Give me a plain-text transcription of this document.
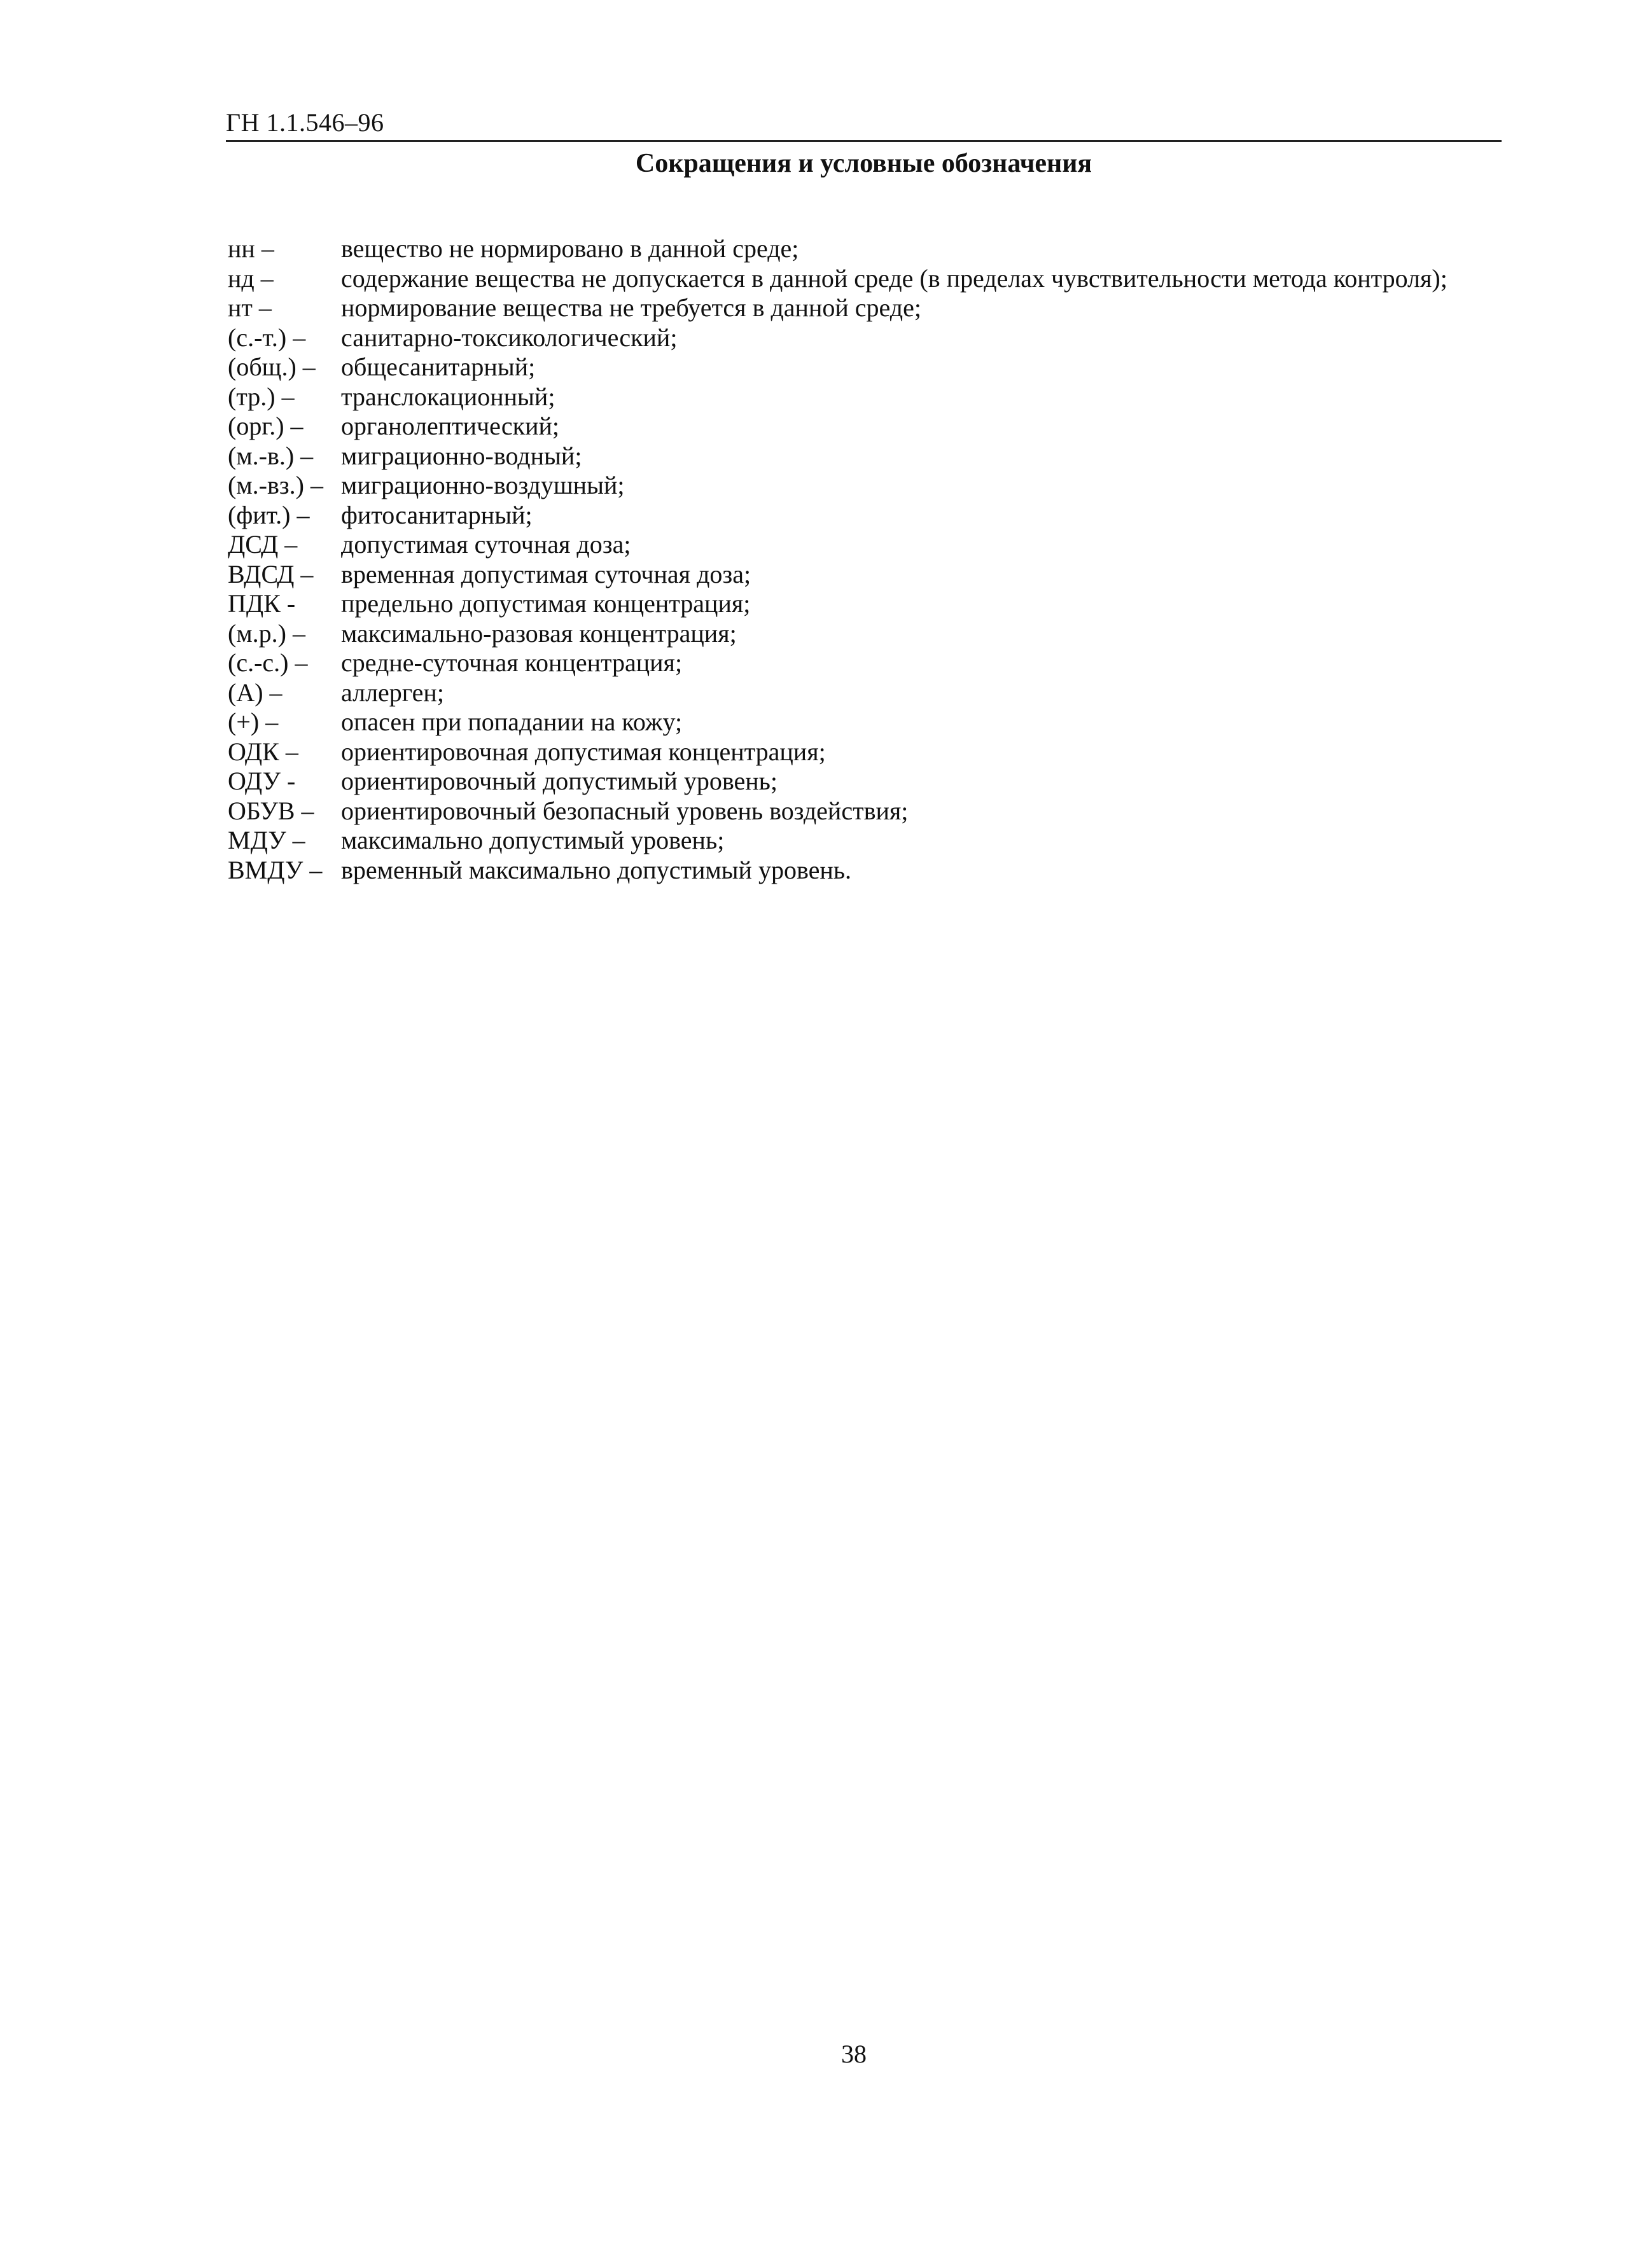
ГН 1.1.546–96
Сокращения и условные обозначения
нн –	вещество не нормировано в данной среде;
нд –	содержание вещества не допускается в данной среде (в пределах чувствительности метода контроля);
нт –	нормирование вещества не требуется в данной среде;
(с.-т.) –	санитарно-токсикологический;
(общ.) –	общесанитарный;
(тр.) –	транслокационный;
(орг.) –	органолептический;
(м.-в.) –	миграционно-водный;
(м.-вз.) – миграционно-воздушный;
(фит.) –	фитосанитарный;
ДСД –	допустимая суточная доза;
ВДСД –	временная допустимая суточная доза;
ПДК -	предельно допустимая концентрация;
(м.р.) –	максимально-разовая концентрация;
(с.-с.) –	средне-суточная концентрация;
(А) –	аллерген;
(+) –	опасен при попадании на кожу;
ОДК –	ориентировочная допустимая концентрация;
ОДУ -	ориентировочный допустимый уровень;
ОБУВ –	ориентировочный безопасный уровень воздействия;
МДУ –	максимально допустимый уровень;
ВМДУ – временный максимально допустимый уровень.
38
